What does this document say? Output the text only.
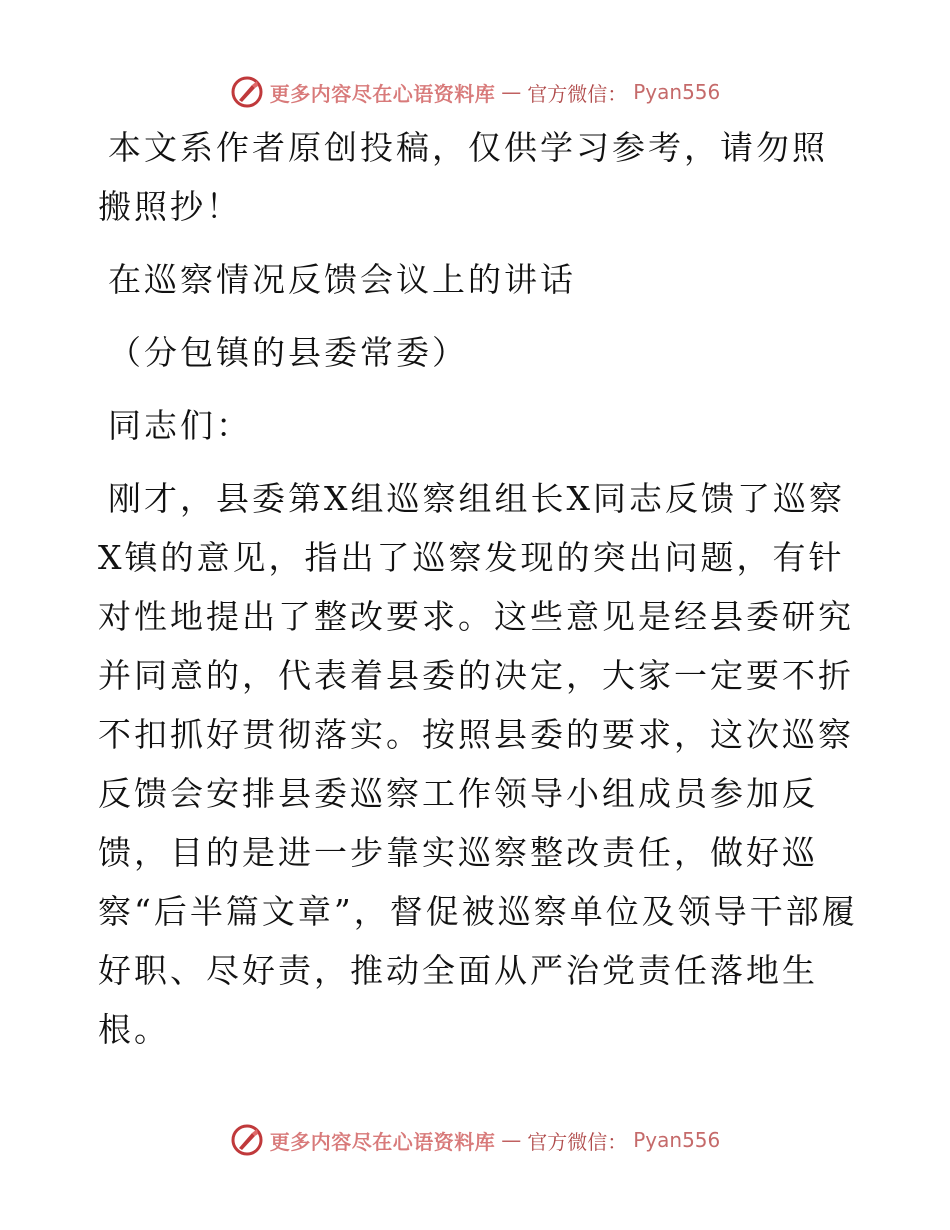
更多内容尽在心语资料库 — 官方微信： Pyan556

本文系作者原创投稿，仅供学习参考，请勿照搬照抄！

在巡察情况反馈会议上的讲话

（分包镇的县委常委）

同志们：

刚才，县委第X组巡察组组长X同志反馈了巡察X镇的意见，指出了巡察发现的突出问题，有针对性地提出了整改要求。这些意见是经县委研究并同意的，代表着县委的决定，大家一定要不折不扣抓好贯彻落实。按照县委的要求，这次巡察反馈会安排县委巡察工作领导小组成员参加反馈，目的是进一步靠实巡察整改责任，做好巡察“后半篇文章”，督促被巡察单位及领导干部履好职、尽好责，推动全面从严治党责任落地生根。

更多内容尽在心语资料库 — 官方微信： Pyan556
